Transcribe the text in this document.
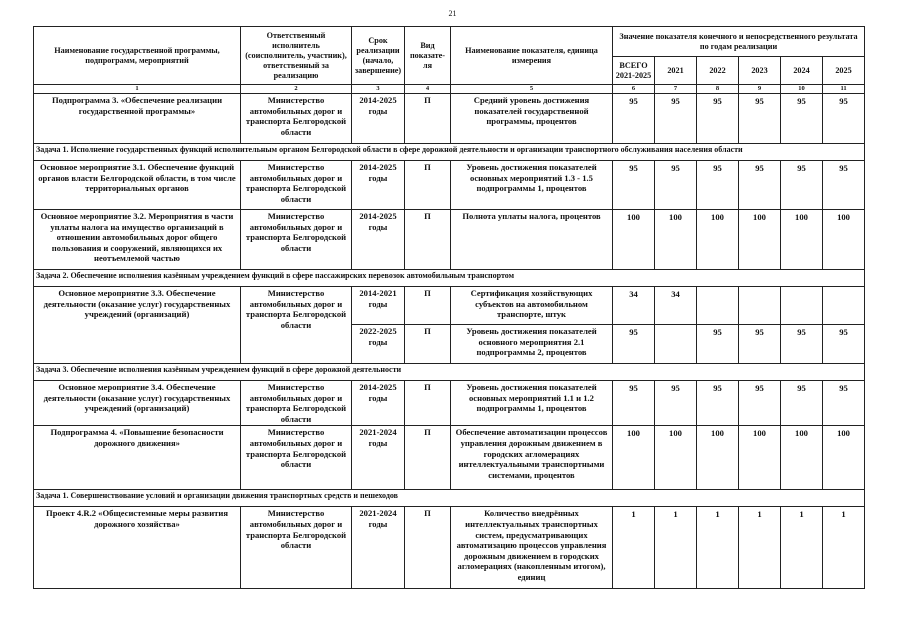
21
Наименование государственной программы, подпрограмм, мероприятий	Ответственный исполнитель (соисполнитель, участник), ответственный за реализацию	Срок реализации (начало, завершение)	Вид показате-ля	Наименование показателя, единица измерения	Значение показателя конечного и непосредственного результата по годам реализации					
					ВСЕГО 2021-2025	2021	2022	2023	2024	2025
1	2	3	4	5	6	7	8	9	10	11
Подпрограмма 3. «Обеспечение реализации государственной программы»	Министерство автомобильных дорог и транспорта Белгородской области	2014-2025 годы	П	Средний уровень достижения показателей государственной программы, процентов	95	95	95	95	95	95
Задача 1. Исполнение государственных функций исполнительным органом Белгородской области в сфере дорожной деятельности и организации транспортного обслуживания населения области										
Основное мероприятие 3.1. Обеспечение функций органов власти Белгородской области, в том числе территориальных органов	Министерство автомобильных дорог и транспорта Белгородской области	2014-2025 годы	П	Уровень достижения показателей основных мероприятий 1.3 - 1.5 подпрограммы 1, процентов	95	95	95	95	95	95
Основное мероприятие 3.2. Мероприятия в части уплаты налога на имущество организаций в отношении автомобильных дорог общего пользования и сооружений, являющихся их неотъемлемой частью	Министерство автомобильных дорог и транспорта Белгородской области	2014-2025 годы	П	Полнота уплаты налога, процентов	100	100	100	100	100	100
Задача 2. Обеспечение исполнения казённым учреждением функций в сфере пассажирских перевозок автомобильным транспортом										
Основное мероприятие 3.3. Обеспечение деятельности (оказание услуг) государственных учреждений (организаций)	Министерство автомобильных дорог и транспорта Белгородской области	2014-2021 годы	П	Сертификация хозяйствующих субъектов на автомобильном транспорте, штук	34	34				
		2022-2025 годы	П	Уровень достижения показателей основного мероприятия 2.1 подпрограммы 2, процентов	95		95	95	95	95
Задача 3. Обеспечение исполнения казённым учреждением функций в сфере дорожной деятельности										
Основное мероприятие 3.4. Обеспечение деятельности (оказание услуг) государственных учреждений (организаций)	Министерство автомобильных дорог и транспорта Белгородской области	2014-2025 годы	П	Уровень достижения показателей основных мероприятий 1.1 и 1.2 подпрограммы 1, процентов	95	95	95	95	95	95
Подпрограмма 4. «Повышение безопасности дорожного движения»	Министерство автомобильных дорог и транспорта Белгородской области	2021-2024 годы	П	Обеспечение автоматизации процессов управления дорожным движением в городских агломерациях интеллектуальными транспортными системами, процентов	100	100	100	100	100	100
Задача 1. Совершенствование условий и организации движения транспортных средств и пешеходов										
Проект 4.R.2 «Общесистемные меры развития дорожного хозяйства»	Министерство автомобильных дорог и транспорта Белгородской области	2021-2024 годы	П	Количество внедрённых интеллектуальных транспортных систем, предусматривающих автоматизацию процессов управления дорожным движением в городских агломерациях (накопленным итогом), единиц	1	1	1	1	1	1
